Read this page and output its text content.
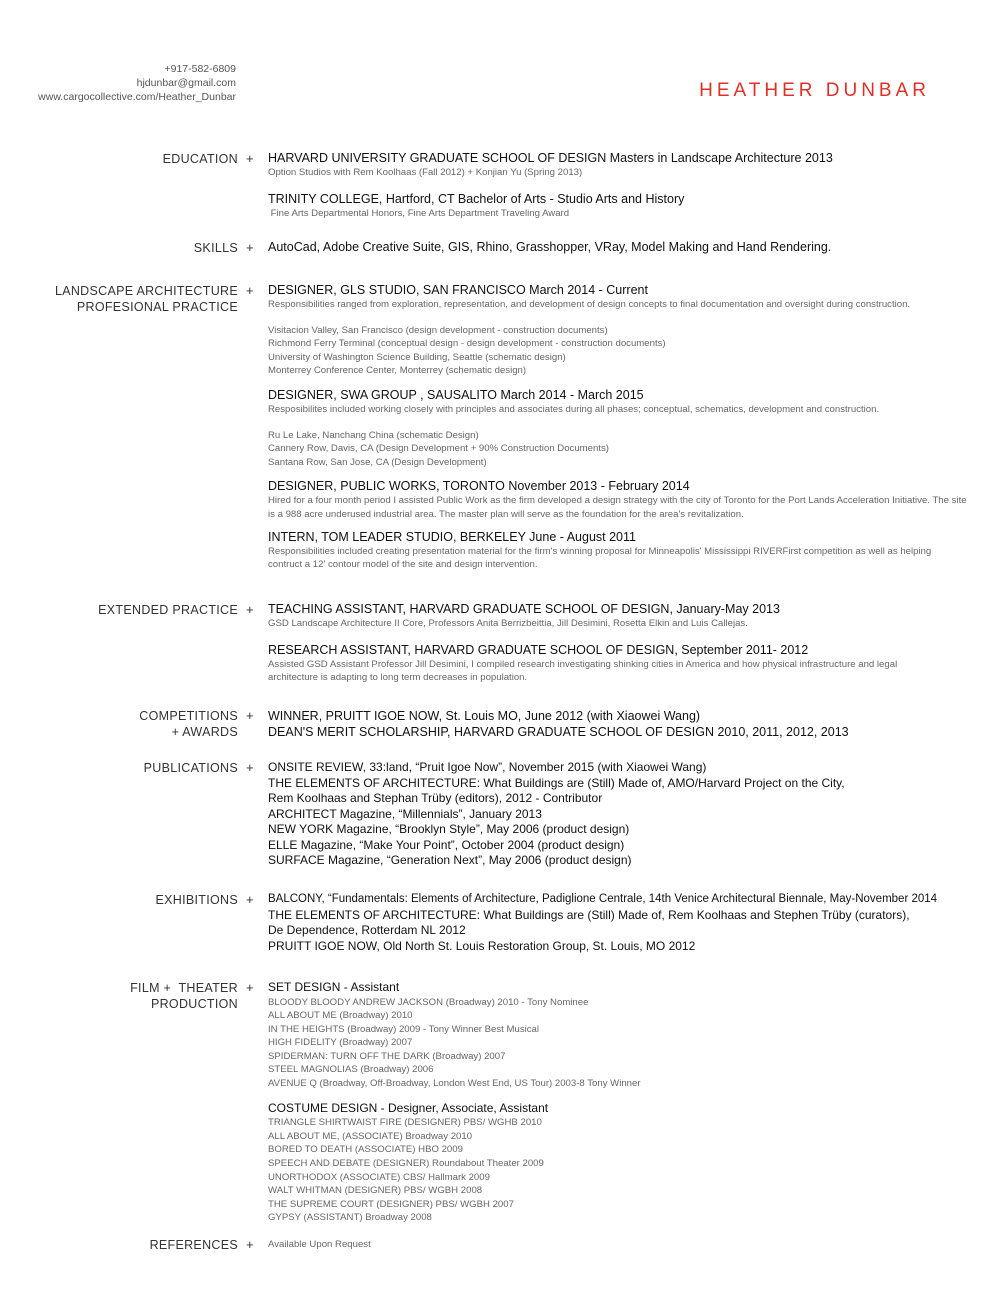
+917-582-6809
hjdunbar@gmail.com
www.cargocollective.com/Heather_Dunbar	HEATHER DUNBAR
EDUCATION + HARVARD UNIVERSITY GRADUATE SCHOOL OF DESIGN Masters in Landscape Architecture 2013
Option Studios with Rem Koolhaas (Fall 2012) + Konjian Yu (Spring 2013)
TRINITY COLLEGE, Hartford, CT Bachelor of Arts - Studio Arts and History
Fine Arts Departmental Honors, Fine Arts Department Traveling Award
SKILLS + AutoCad, Adobe Creative Suite, GIS, Rhino, Grasshopper, VRay, Model Making and Hand Rendering.
LANDSCAPE ARCHITECTURE
PROFESIONAL PRACTICE
+ DESIGNER, GLS STUDIO, SAN FRANCISCO March 2014 - Current
Responsibilities ranged from exploration, representation, and development of design concepts to final documentation and oversight during construction.
Visitacion Valley, San Francisco (design development - construction documents)
Richmond Ferry Terminal (conceptual design - design development - construction documents)
University of Washington Science Building, Seattle (schematic design)
Monterrey Conference Center, Monterrey (schematic design)
DESIGNER, SWA GROUP , SAUSALITO March 2014 - March 2015
Resposibilites included working closely with principles and associates during all phases; conceptual, schematics, development and construction.
Ru Le Lake, Nanchang China (schematic Design)
Cannery Row, Davis, CA (Design Development + 90% Construction Documents)
Santana Row, San Jose, CA (Design Development)
DESIGNER, PUBLIC WORKS, TORONTO November 2013 - February 2014
Hired for a four month period I assisted Public Work as the firm developed a design strategy with the city of Toronto for the Port Lands Acceleration Initiative. The site is a 988 acre underused industrial area. The master plan will serve as the foundation for the area's revitalization.
INTERN, TOM LEADER STUDIO, BERKELEY June - August 2011
Responsibilities included creating presentation material for the firm's winning proposal for Minneapolis' Mississippi RIVERFirst competition as well as helping contruct a 12' contour model of the site and design intervention.
EXTENDED PRACTICE + TEACHING ASSISTANT, HARVARD GRADUATE SCHOOL OF DESIGN, January-May 2013
GSD Landscape Architecture II Core, Professors Anita Berrizbeittia, Jill Desimini, Rosetta Elkin and Luis Callejas.
RESEARCH ASSISTANT, HARVARD GRADUATE SCHOOL OF DESIGN, September 2011- 2012
Assisted GSD Assistant Professor Jill Desimini, I compiled research investigating shinking cities in America and how physical infrastructure and legal architecture is adapting to long term decreases in population.
COMPETITIONS
+ AWARDS
+ WINNER, PRUITT IGOE NOW, St. Louis MO, June 2012 (with Xiaowei Wang)
DEAN'S MERIT SCHOLARSHIP, HARVARD GRADUATE SCHOOL OF DESIGN 2010, 2011, 2012, 2013
PUBLICATIONS + ONSITE REVIEW, 33:land, “Pruit Igoe Now”, November 2015 (with Xiaowei Wang)
THE ELEMENTS OF ARCHITECTURE: What Buildings are (Still) Made of, AMO/Harvard Project on the City,
Rem Koolhaas and Stephan Trüby (editors), 2012 - Contributor
ARCHITECT Magazine, “Millennials”, January 2013
NEW YORK Magazine, “Brooklyn Style”, May 2006 (product design)
ELLE Magazine, “Make Your Point”, October 2004 (product design)
SURFACE Magazine, “Generation Next”, May 2006 (product design)
EXHIBITIONS + BALCONY, “Fundamentals: Elements of Architecture, Padiglione Centrale, 14th Venice Architectural Biennale, May-November 2014
THE ELEMENTS OF ARCHITECTURE: What Buildings are (Still) Made of, Rem Koolhaas and Stephen Trüby (curators),
De Dependence, Rotterdam NL 2012
PRUITT IGOE NOW, Old North St. Louis Restoration Group, St. Louis, MO 2012
FILM +  THEATER
PRODUCTION
+ SET DESIGN - Assistant
BLOODY BLOODY ANDREW JACKSON (Broadway) 2010 - Tony Nominee
ALL ABOUT ME (Broadway) 2010
IN THE HEIGHTS (Broadway) 2009 - Tony Winner Best Musical
HIGH FIDELITY (Broadway) 2007
SPIDERMAN: TURN OFF THE DARK (Broadway) 2007
STEEL MAGNOLIAS (Broadway) 2006
AVENUE Q (Broadway, Off-Broadway, London West End, US Tour) 2003-8 Tony Winner
COSTUME DESIGN - Designer, Associate, Assistant
TRIANGLE SHIRTWAIST FIRE (DESIGNER) PBS/ WGHB 2010
ALL ABOUT ME, (ASSOCIATE) Broadway 2010
BORED TO DEATH (ASSOCIATE) HBO 2009
SPEECH AND DEBATE (DESIGNER) Roundabout Theater 2009
UNORTHODOX (ASSOCIATE) CBS/ Hallmark 2009
WALT WHITMAN (DESIGNER) PBS/ WGBH 2008
THE SUPREME COURT (DESIGNER) PBS/ WGBH 2007
GYPSY (ASSISTANT) Broadway 2008
REFERENCES + Available Upon Request
